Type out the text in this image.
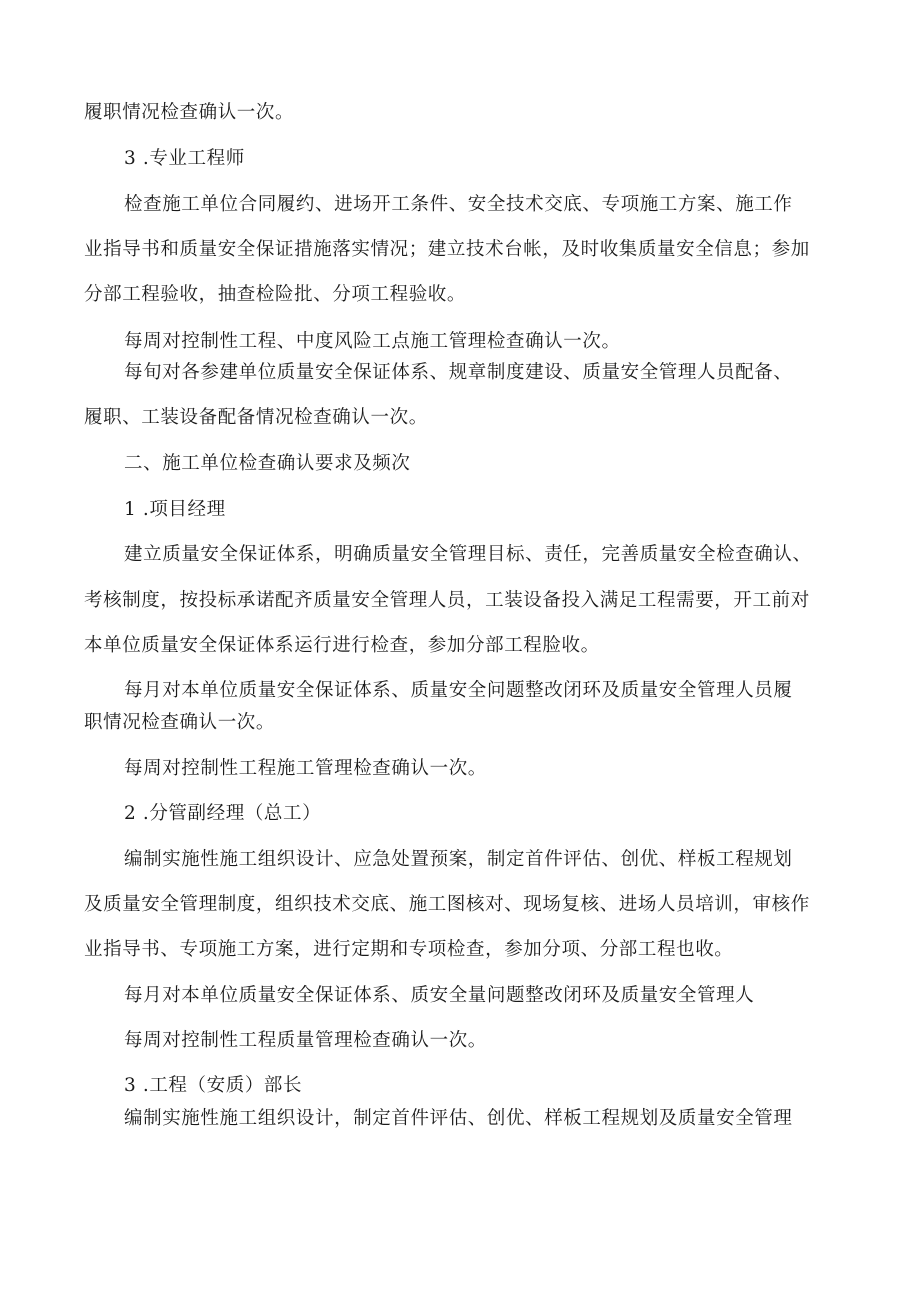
履职情况检查确认一次。
3 .专业工程师
检查施工单位合同履约、进场开工条件、安全技术交底、专项施工方案、施工作
业指导书和质量安全保证措施落实情况；建立技术台帐，及时收集质量安全信息；参加
分部工程验收，抽查检险批、分项工程验收。
每周对控制性工程、中度风险工点施工管理检查确认一次。
每旬对各参建单位质量安全保证体系、规章制度建设、质量安全管理人员配备、
履职、工装设备配备情况检查确认一次。
二、施工单位检查确认要求及频次
1 .项目经理
建立质量安全保证体系，明确质量安全管理目标、责任，完善质量安全检查确认、
考核制度，按投标承诺配齐质量安全管理人员，工装设备投入满足工程需要，开工前对
本单位质量安全保证体系运行进行检查，参加分部工程脸收。
每月对本单位质量安全保证体系、质量安全问题整改闭环及质量安全管理人员履
职情况检查确认一次。
每周对控制性工程施工管理检查确认一次。
2 .分管副经理（总工）
编制实施性施工组织设计、应急处置预案，制定首件评估、创优、样板工程规划
及质量安全管理制度，组织技术交底、施工图核对、现场复核、进场人员培训，审核作
业指导书、专项施工方案，进行定期和专项检查，参加分项、分部工程也收。
每月对本单位质量安全保证体系、质安全量问题整改闭环及质量安全管理人
每周对控制性工程质量管理检查确认一次。
3 .工程（安质）部长
编制实施性施工组织设计，制定首件评估、创优、样板工程规划及质量安全管理
